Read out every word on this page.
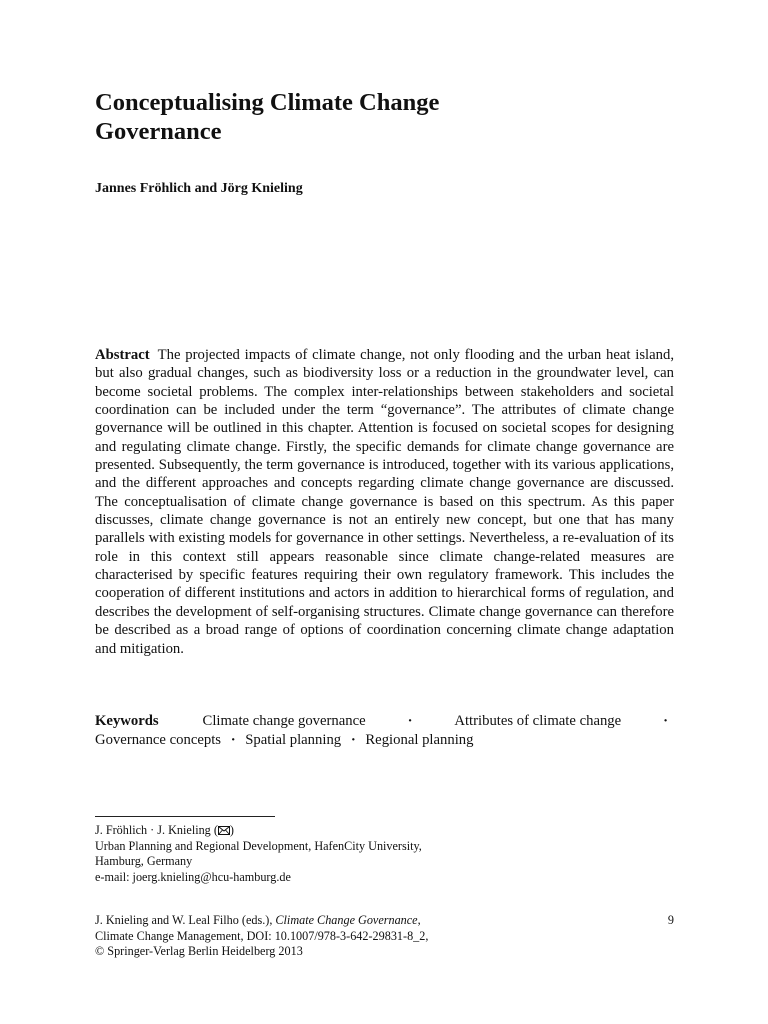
Conceptualising Climate Change
Governance
Jannes Fröhlich and Jörg Knieling

Abstract The projected impacts of climate change, not only flooding and the urban heat island, but also gradual changes, such as biodiversity loss or a reduction in the groundwater level, can become societal problems. The complex inter-relationships between stakeholders and societal coordination can be included under the term “governance”. The attributes of climate change governance will be outlined in this chapter. Attention is focused on societal scopes for designing and regulating climate change. Firstly, the specific demands for climate change governance are presented. Subsequently, the term governance is introduced, together with its various applications, and the different approaches and concepts regarding climate change governance are discussed. The conceptualisation of climate change governance is based on this spectrum. As this paper discusses, climate change governance is not an entirely new concept, but one that has many parallels with existing models for governance in other settings. Nevertheless, a re-evaluation of its role in this context still appears reasonable since climate change-related measures are characterised by specific features requiring their own regulatory framework. This includes the cooperation of different institutions and actors in addition to hierarchical forms of regulation, and describes the development of self-organising structures. Climate change governance can therefore be described as a broad range of options of coordination concerning climate change adaptation and mitigation.

Keywords	Climate change governance	·	Attributes of climate change	·
Governance concepts · Spatial planning · Regional planning
J. Fröhlich · J. Knieling ( )
Urban Planning and Regional Development, HafenCity University,
Hamburg, Germany
e-mail: joerg.knieling@hcu-hamburg.de
J. Knieling and W. Leal Filho (eds.), Climate Change Governance,
Climate Change Management, DOI: 10.1007/978-3-642-29831-8_2,
© Springer-Verlag Berlin Heidelberg 2013
9
